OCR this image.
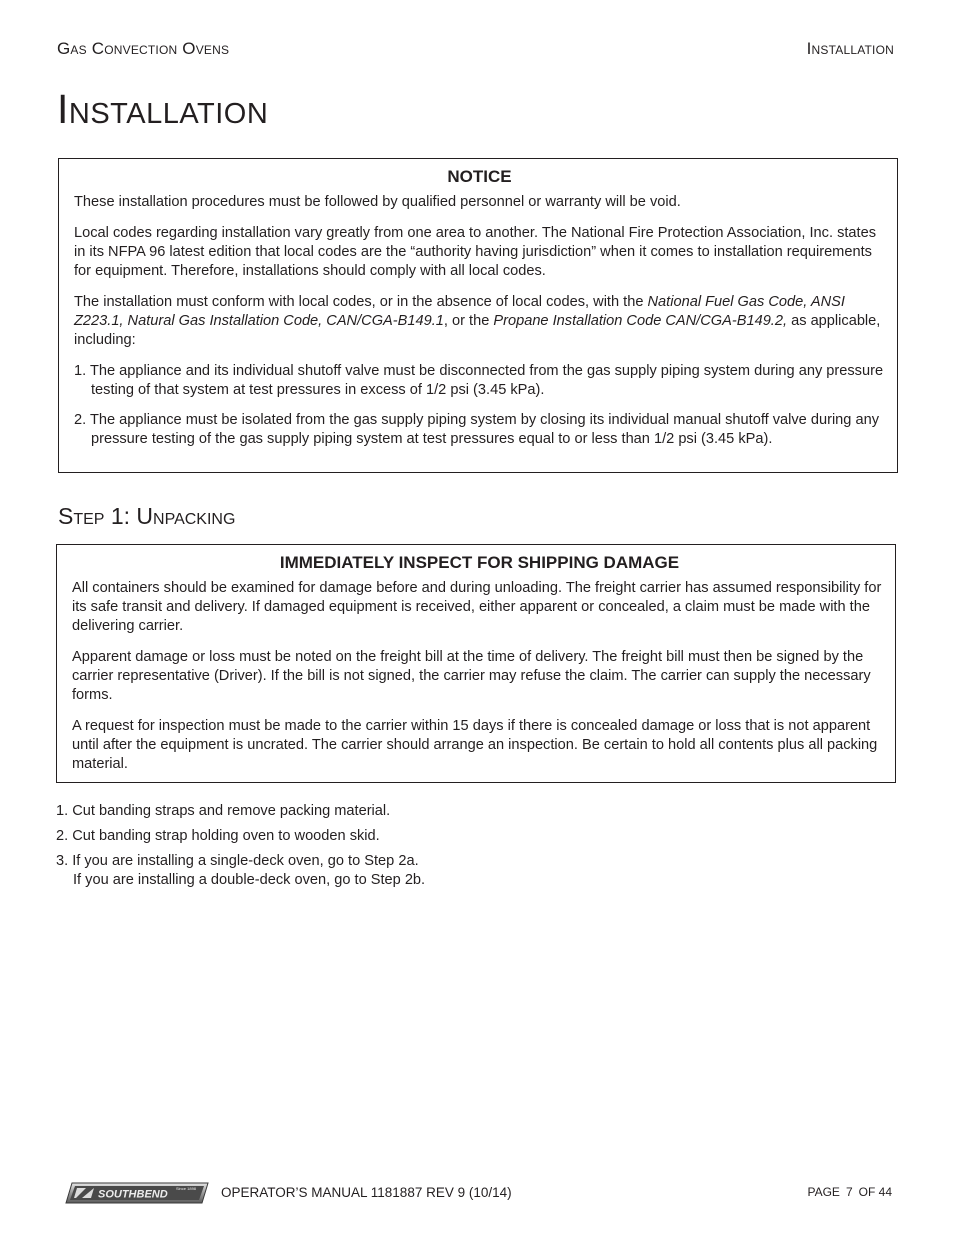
Gas Convection Ovens	Installation
Installation
NOTICE

These installation procedures must be followed by qualified personnel or warranty will be void.

Local codes regarding installation vary greatly from one area to another. The National Fire Protection Association, Inc. states in its NFPA 96 latest edition that local codes are the “authority having jurisdiction” when it comes to installation requirements for equipment. Therefore, installations should comply with all local codes.

The installation must conform with local codes, or in the absence of local codes, with the National Fuel Gas Code, ANSI Z223.1, Natural Gas Installation Code, CAN/CGA-B149.1, or the Propane Installation Code CAN/CGA-B149.2, as applicable, including:

1. The appliance and its individual shutoff valve must be disconnected from the gas supply piping system during any pressure testing of that system at test pressures in excess of 1/2 psi (3.45 kPa).
2. The appliance must be isolated from the gas supply piping system by closing its individual manual shutoff valve during any pressure testing of the gas supply piping system at test pressures equal to or less than 1/2 psi (3.45 kPa).
Step 1: Unpacking
IMMEDIATELY INSPECT FOR SHIPPING DAMAGE

All containers should be examined for damage before and during unloading. The freight carrier has assumed responsibility for its safe transit and delivery. If damaged equipment is received, either apparent or concealed, a claim must be made with the delivering carrier.

Apparent damage or loss must be noted on the freight bill at the time of delivery. The freight bill must then be signed by the carrier representative (Driver). If the bill is not signed, the carrier may refuse the claim. The carrier can supply the necessary forms.

A request for inspection must be made to the carrier within 15 days if there is concealed damage or loss that is not apparent until after the equipment is uncrated. The carrier should arrange an inspection. Be certain to hold all contents plus all packing material.

1. Cut banding straps and remove packing material.
2. Cut banding strap holding oven to wooden skid.
3. If you are installing a single-deck oven, go to Step 2a.
If you are installing a double-deck oven, go to Step 2b.
SOUTHBEND Since 1898 OPERATOR’S MANUAL 1181887 REV 9 (10/14)	PAGE 7 OF 44
